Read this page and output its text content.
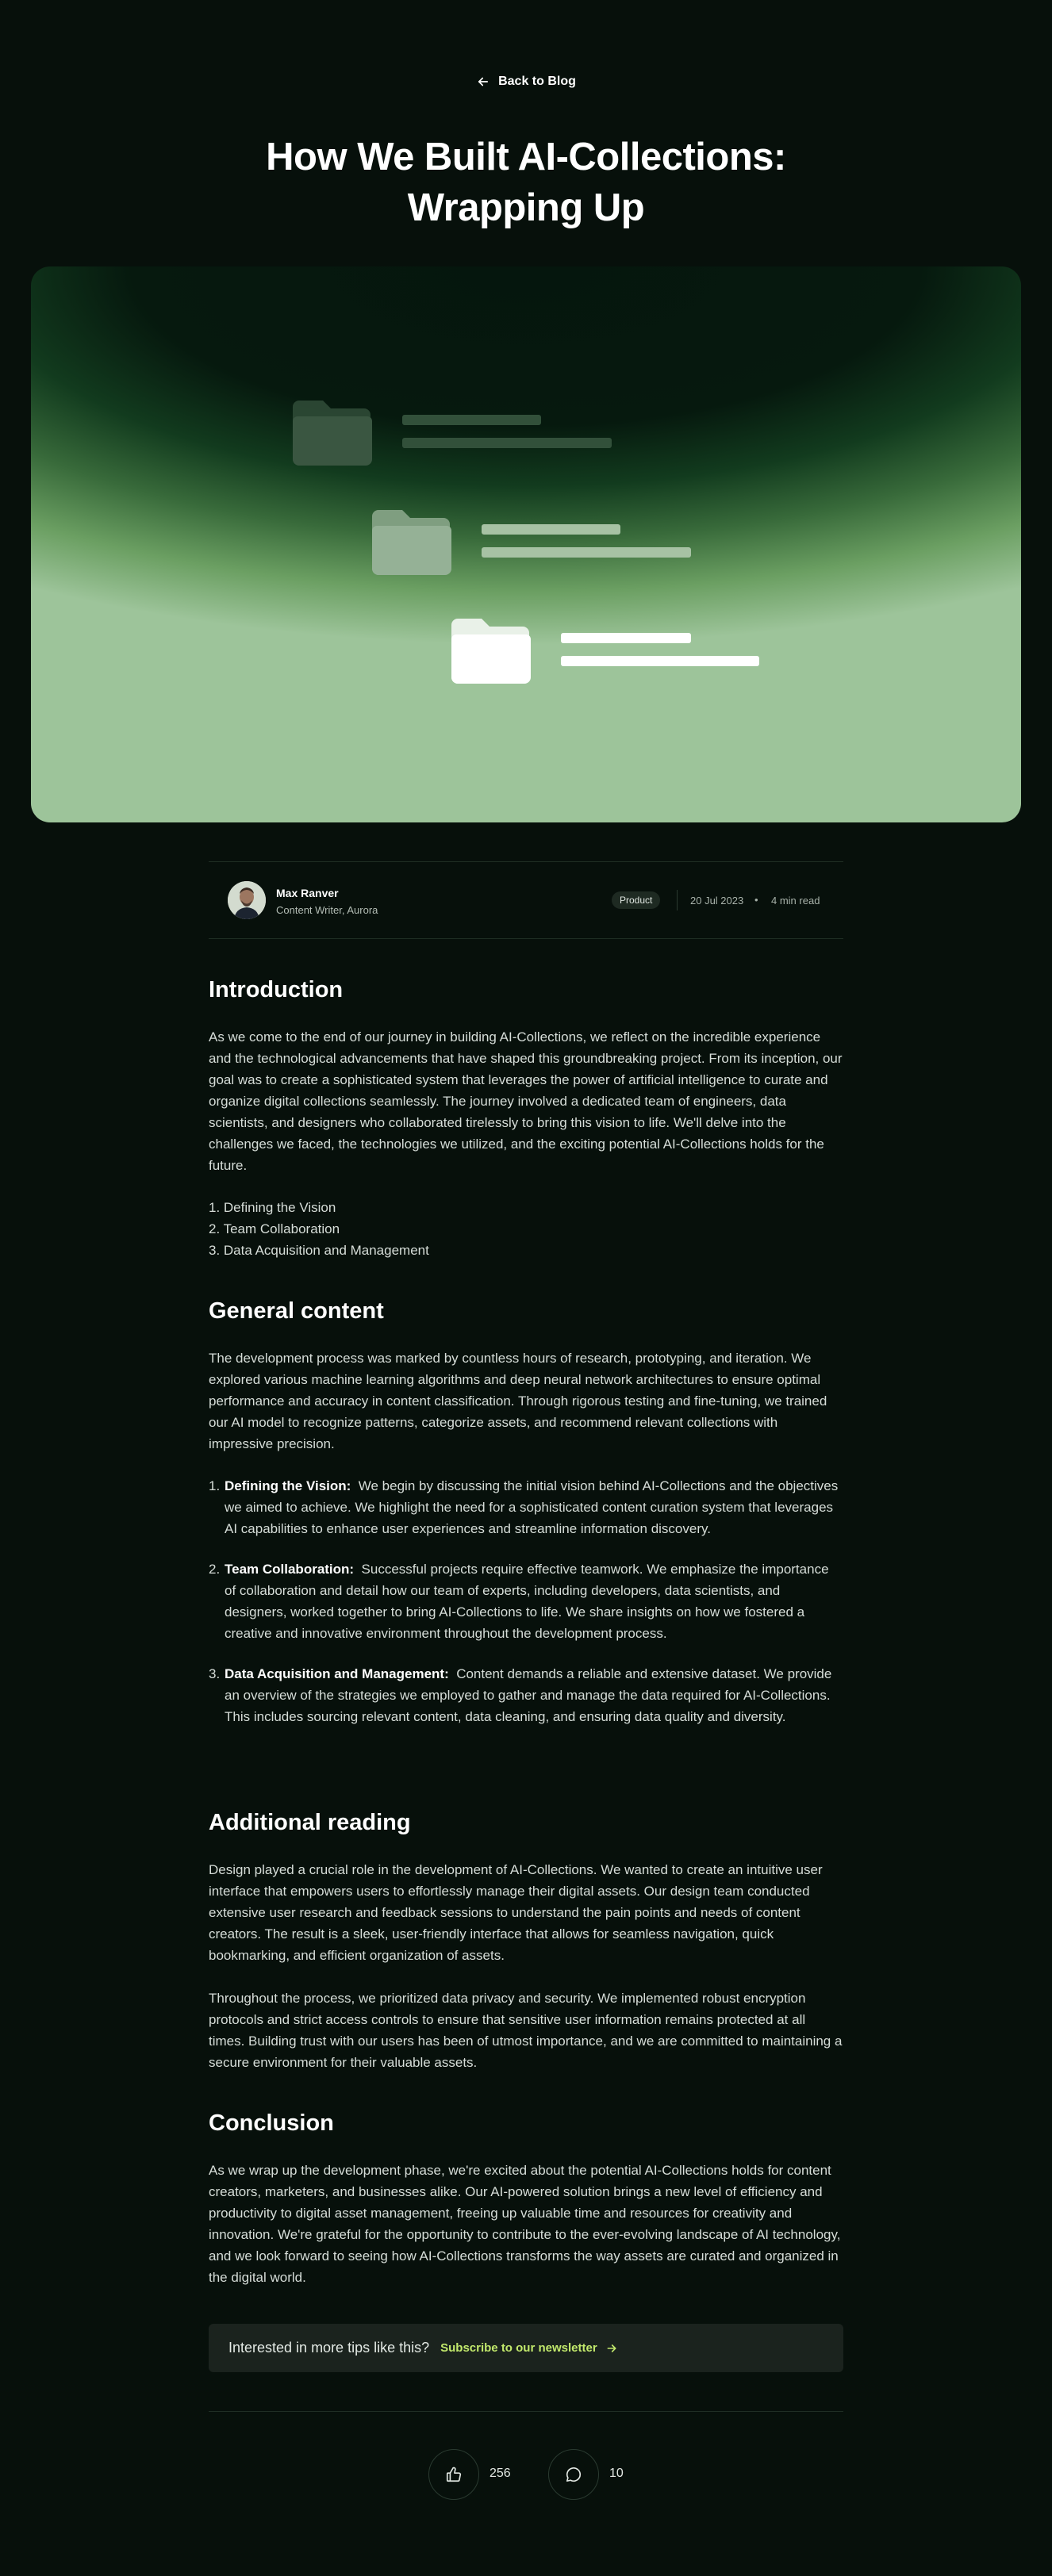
Back to Blog
How We Built AI-Collections:
Wrapping Up
Max Ranver
Content Writer, Aurora
Product	20 Jul 2023 • 4 min read
Introduction

As we come to the end of our journey in building AI-Collections, we reflect on the incredible experience and the technological advancements that have shaped this groundbreaking project. From its inception, our goal was to create a sophisticated system that leverages the power of artificial intelligence to curate and organize digital collections seamlessly. The journey involved a dedicated team of engineers, data scientists, and designers who collaborated tirelessly to bring this vision to life. We'll delve into the challenges we faced, the technologies we utilized, and the exciting potential AI-Collections holds for the future.

1. Defining the Vision
2. Team Collaboration
3. Data Acquisition and Management
General content

The development process was marked by countless hours of research, prototyping, and iteration. We explored various machine learning algorithms and deep neural network architectures to ensure optimal performance and accuracy in content classification. Through rigorous testing and fine-tuning, we trained our AI model to recognize patterns, categorize assets, and recommend relevant collections with impressive precision.

1. Defining the Vision: We begin by discussing the initial vision behind AI-Collections and the objectives we aimed to achieve. We highlight the need for a sophisticated content curation system that leverages AI capabilities to enhance user experiences and streamline information discovery.
2. Team Collaboration: Successful projects require effective teamwork. We emphasize the importance of collaboration and detail how our team of experts, including developers, data scientists, and designers, worked together to bring AI-Collections to life. We share insights on how we fostered a creative and innovative environment throughout the development process.
3. Data Acquisition and Management: Content demands a reliable and extensive dataset. We provide an overview of the strategies we employed to gather and manage the data required for AI-Collections. This includes sourcing relevant content, data cleaning, and ensuring data quality and diversity.
Additional reading

Design played a crucial role in the development of AI-Collections. We wanted to create an intuitive user interface that empowers users to effortlessly manage their digital assets. Our design team conducted extensive user research and feedback sessions to understand the pain points and needs of content creators. The result is a sleek, user-friendly interface that allows for seamless navigation, quick bookmarking, and efficient organization of assets.

Throughout the process, we prioritized data privacy and security. We implemented robust encryption protocols and strict access controls to ensure that sensitive user information remains protected at all times. Building trust with our users has been of utmost importance, and we are committed to maintaining a secure environment for their valuable assets.

Conclusion

As we wrap up the development phase, we're excited about the potential AI-Collections holds for content creators, marketers, and businesses alike. Our AI-powered solution brings a new level of efficiency and productivity to digital asset management, freeing up valuable time and resources for creativity and innovation. We're grateful for the opportunity to contribute to the ever-evolving landscape of AI technology, and we look forward to seeing how AI-Collections transforms the way assets are curated and organized in the digital world.

Interested in more tips like this? Subscribe to our newsletter
256	10
